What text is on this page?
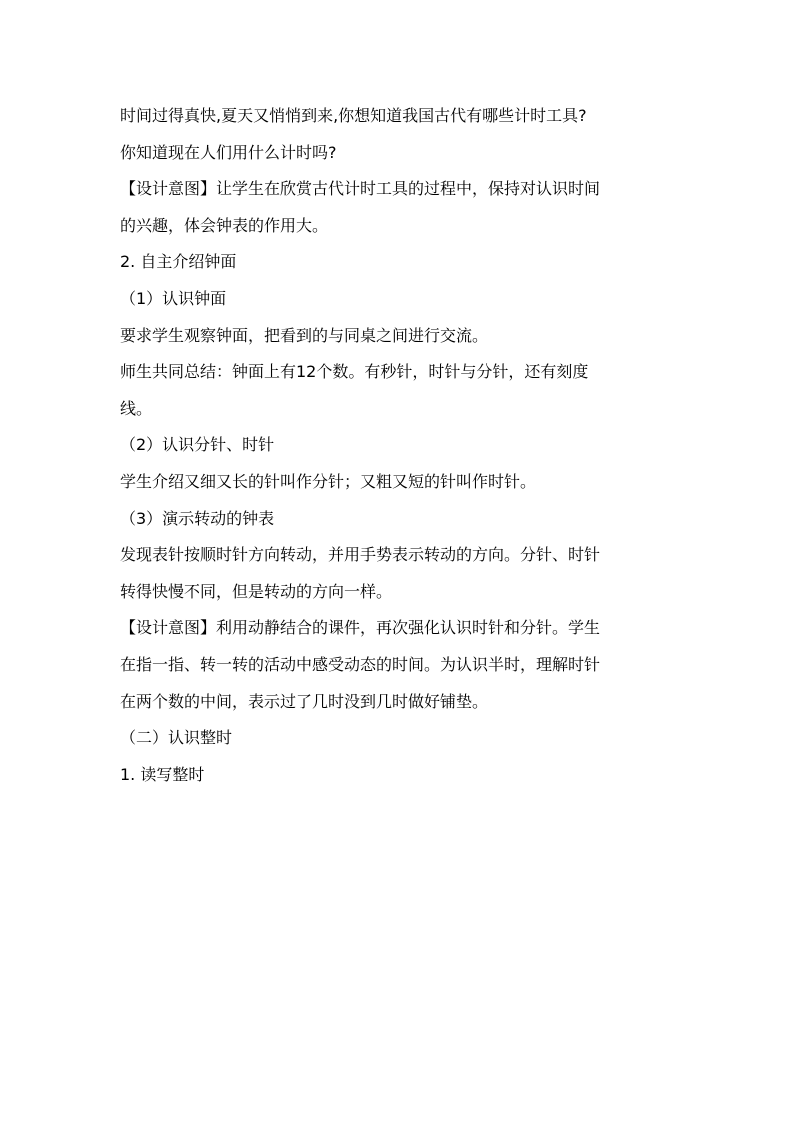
时间过得真快,夏天又悄悄到来,你想知道我国古代有哪些计时工具?
你知道现在人们用什么计时吗?
【设计意图】让学生在欣赏古代计时工具的过程中，保持对认识时间
的兴趣，体会钟表的作用大。
2. 自主介绍钟面
（1）认识钟面
要求学生观察钟面，把看到的与同桌之间进行交流。
师生共同总结：钟面上有12个数。有秒针，时针与分针，还有刻度
线。
（2）认识分针、时针
学生介绍又细又长的针叫作分针；又粗又短的针叫作时针。
（3）演示转动的钟表
发现表针按顺时针方向转动，并用手势表示转动的方向。分针、时针
转得快慢不同，但是转动的方向一样。
【设计意图】利用动静结合的课件，再次强化认识时针和分针。学生
在指一指、转一转的活动中感受动态的时间。为认识半时，理解时针
在两个数的中间，表示过了几时没到几时做好铺垫。
（二）认识整时
1. 读写整时
